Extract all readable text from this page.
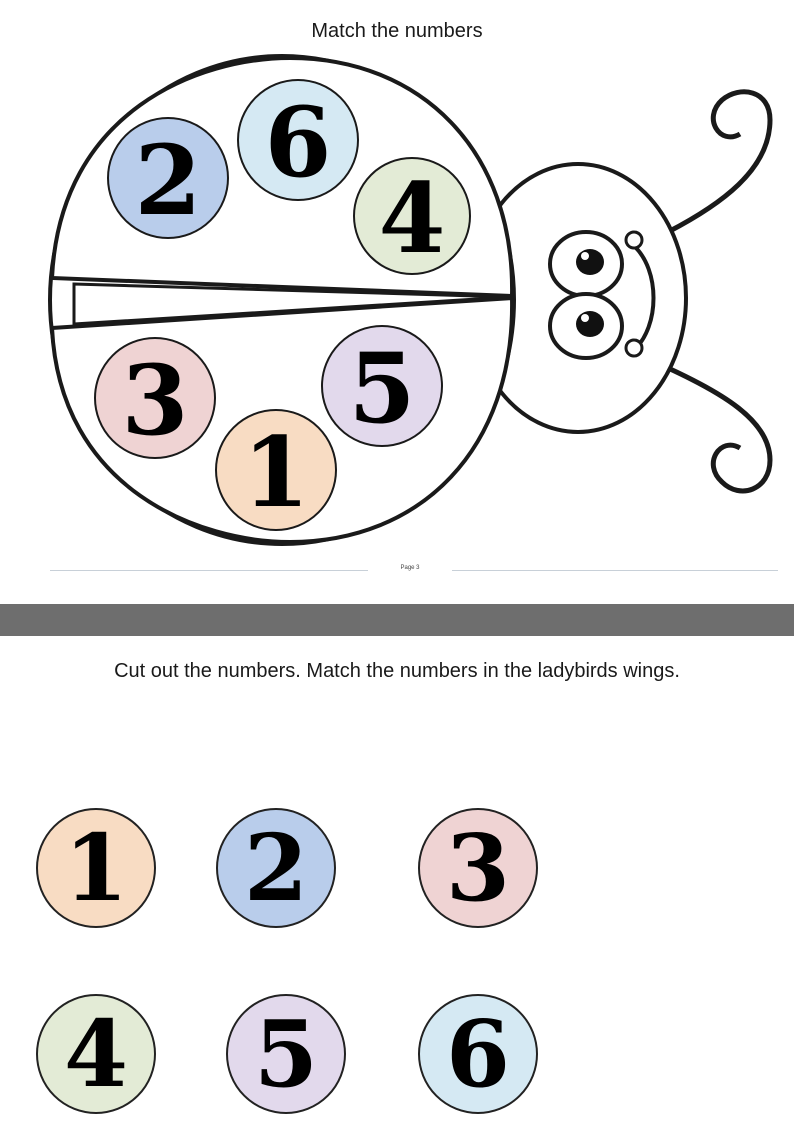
Match the numbers
2 6
4
3
1
5
Page 3
Cut out the numbers. Match the numbers in the ladybirds wings.
1	2	3
4	5	6
